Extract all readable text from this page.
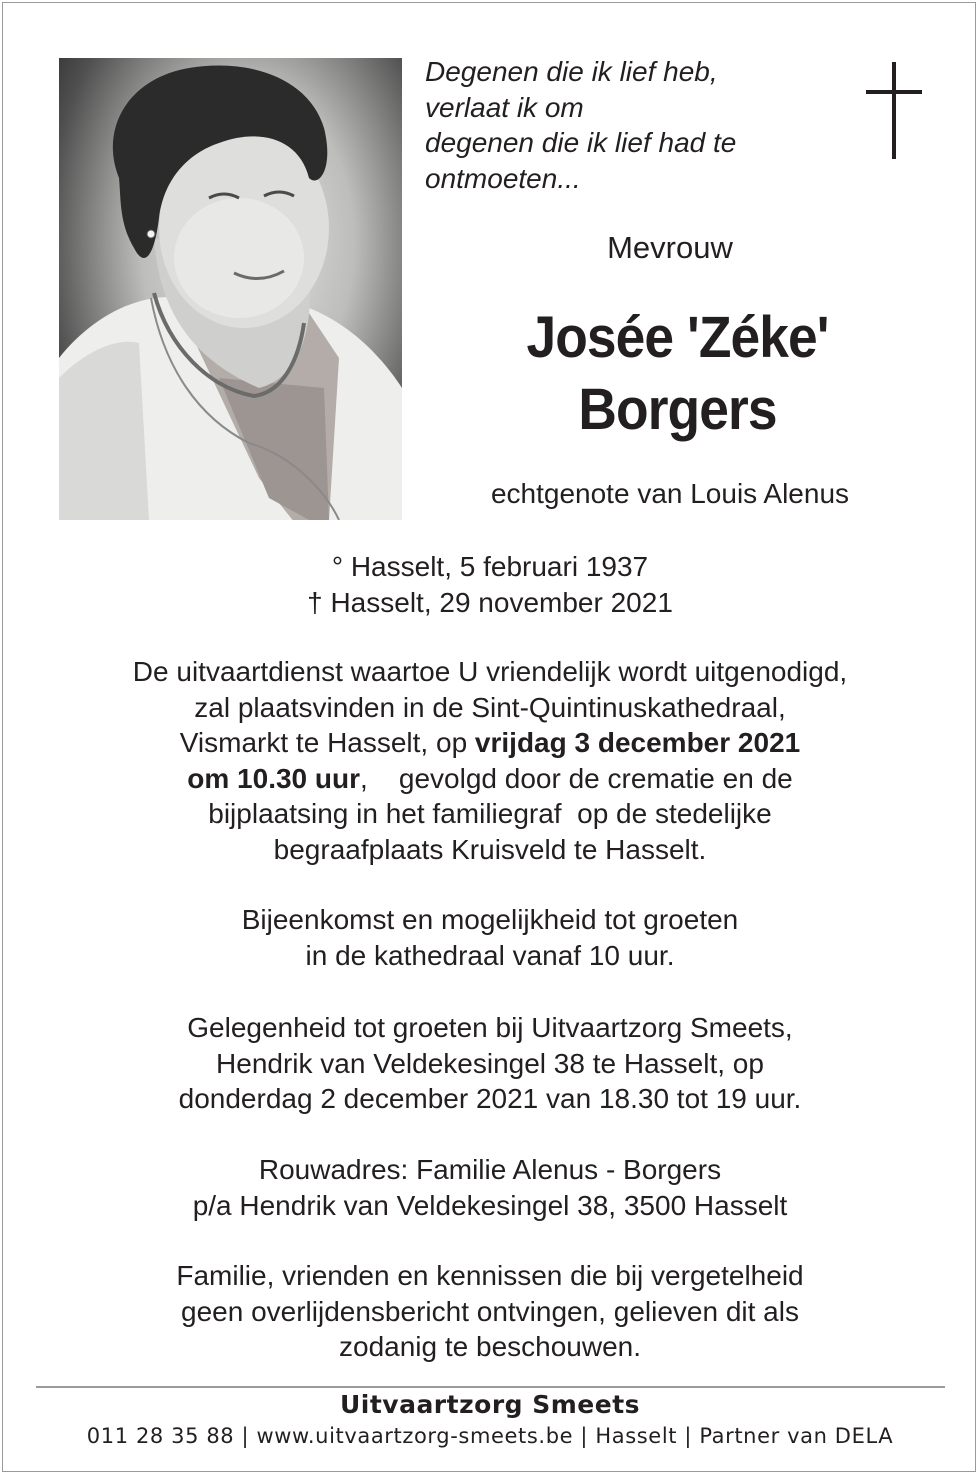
Degenen die ik lief heb,
verlaat ik om
degenen die ik lief had te
ontmoeten...
Mevrouw
Josée 'Zéke'
Borgers
echtgenote van Louis Alenus
° Hasselt, 5 februari 1937
† Hasselt, 29 november 2021
De uitvaartdienst waartoe U vriendelijk wordt uitgenodigd,
zal plaatsvinden in de Sint-Quintinuskathedraal,
Vismarkt te Hasselt, op vrijdag 3 december 2021
om 10.30 uur,    gevolgd door de crematie en de
bijplaatsing in het familiegraf  op de stedelijke
begraafplaats Kruisveld te Hasselt.
Bijeenkomst en mogelijkheid tot groeten
in de kathedraal vanaf 10 uur.
Gelegenheid tot groeten bij Uitvaartzorg Smeets,
Hendrik van Veldekesingel 38 te Hasselt, op
donderdag 2 december 2021 van 18.30 tot 19 uur.
Rouwadres: Familie Alenus - Borgers
p/a Hendrik van Veldekesingel 38, 3500 Hasselt
Familie, vrienden en kennissen die bij vergetelheid
geen overlijdensbericht ontvingen, gelieven dit als
zodanig te beschouwen.
Uitvaartzorg Smeets
011 28 35 88 | www.uitvaartzorg-smeets.be | Hasselt | Partner van DELA
